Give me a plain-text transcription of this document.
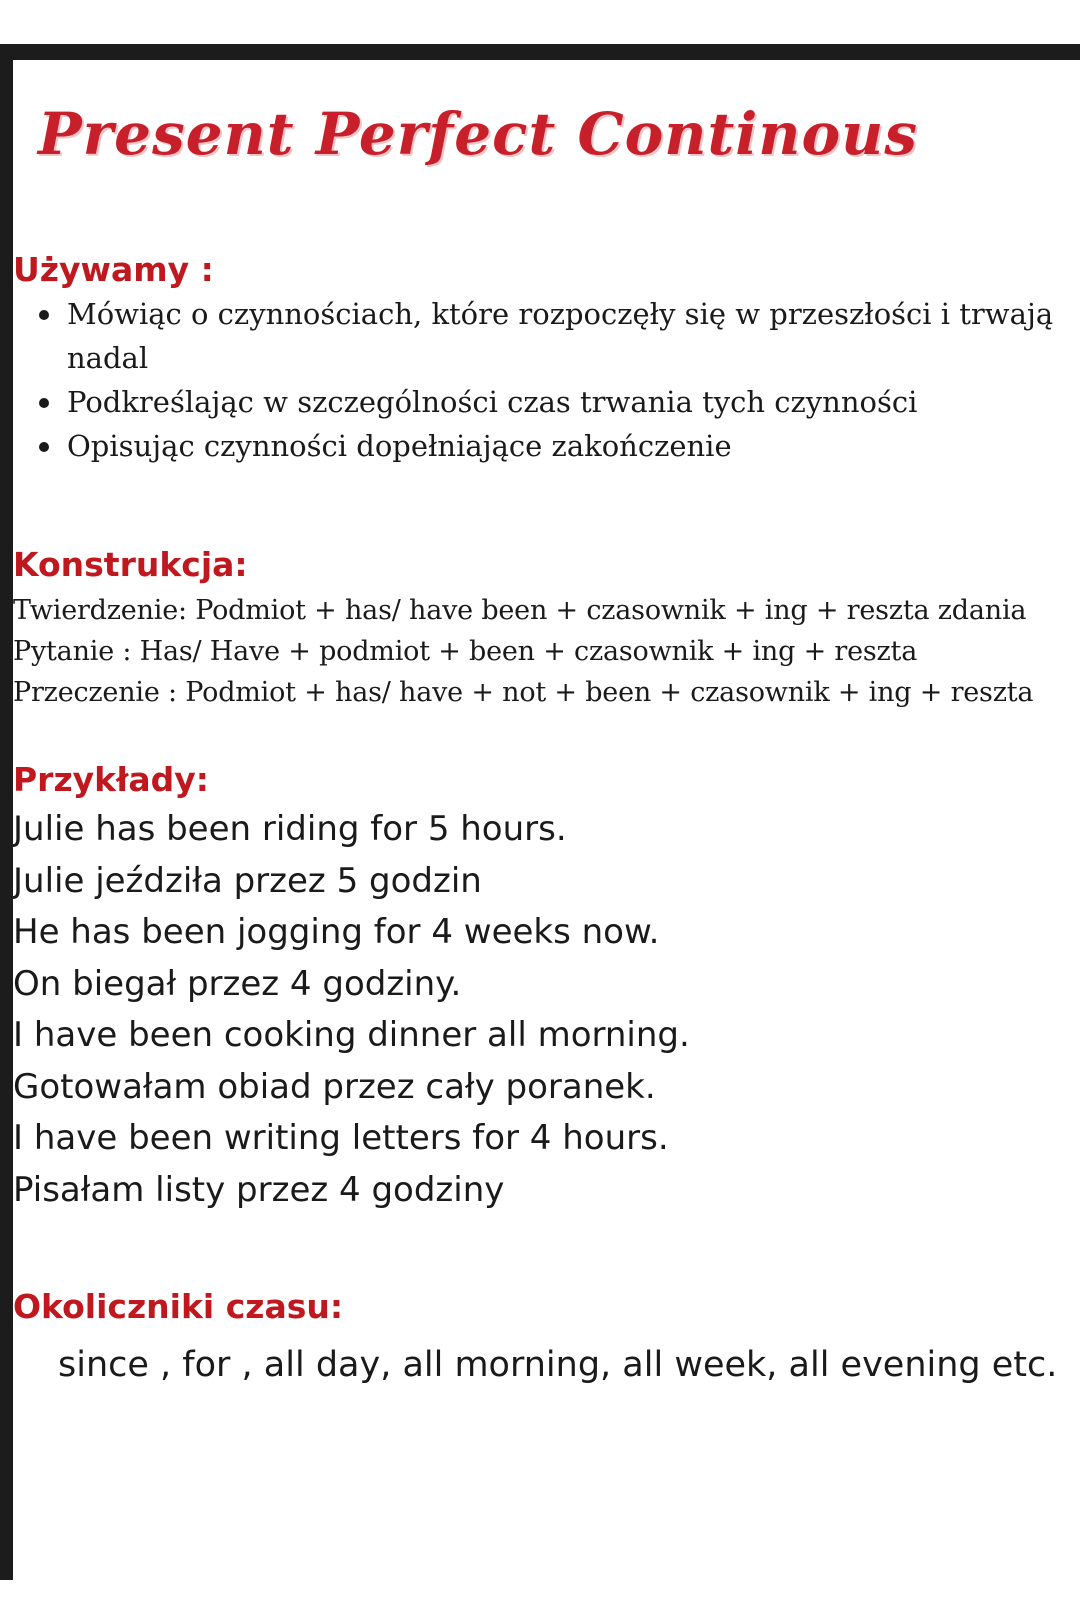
Present Perfect Continous
Używamy :
Mówiąc o czynnościach, które rozpoczęły się w przeszłości i trwają nadal
Podkreślając w szczególności czas trwania tych czynności
Opisując czynności dopełniające zakończenie
Konstrukcja:
Twierdzenie: Podmiot + has/ have been + czasownik + ing + reszta zdania
Pytanie : Has/ Have + podmiot + been + czasownik + ing + reszta
Przeczenie : Podmiot + has/ have + not + been + czasownik + ing + reszta
Przykłady:
Julie has been riding for 5 hours.
Julie jeździła przez 5 godzin
He has been jogging for 4 weeks now.
On biegał przez 4 godziny.
I have been cooking dinner all morning.
Gotowałam obiad przez cały poranek.
I have been writing letters for 4 hours.
Pisałam listy przez 4 godziny
Okoliczniki czasu:
since , for , all day, all morning, all week, all evening etc.
